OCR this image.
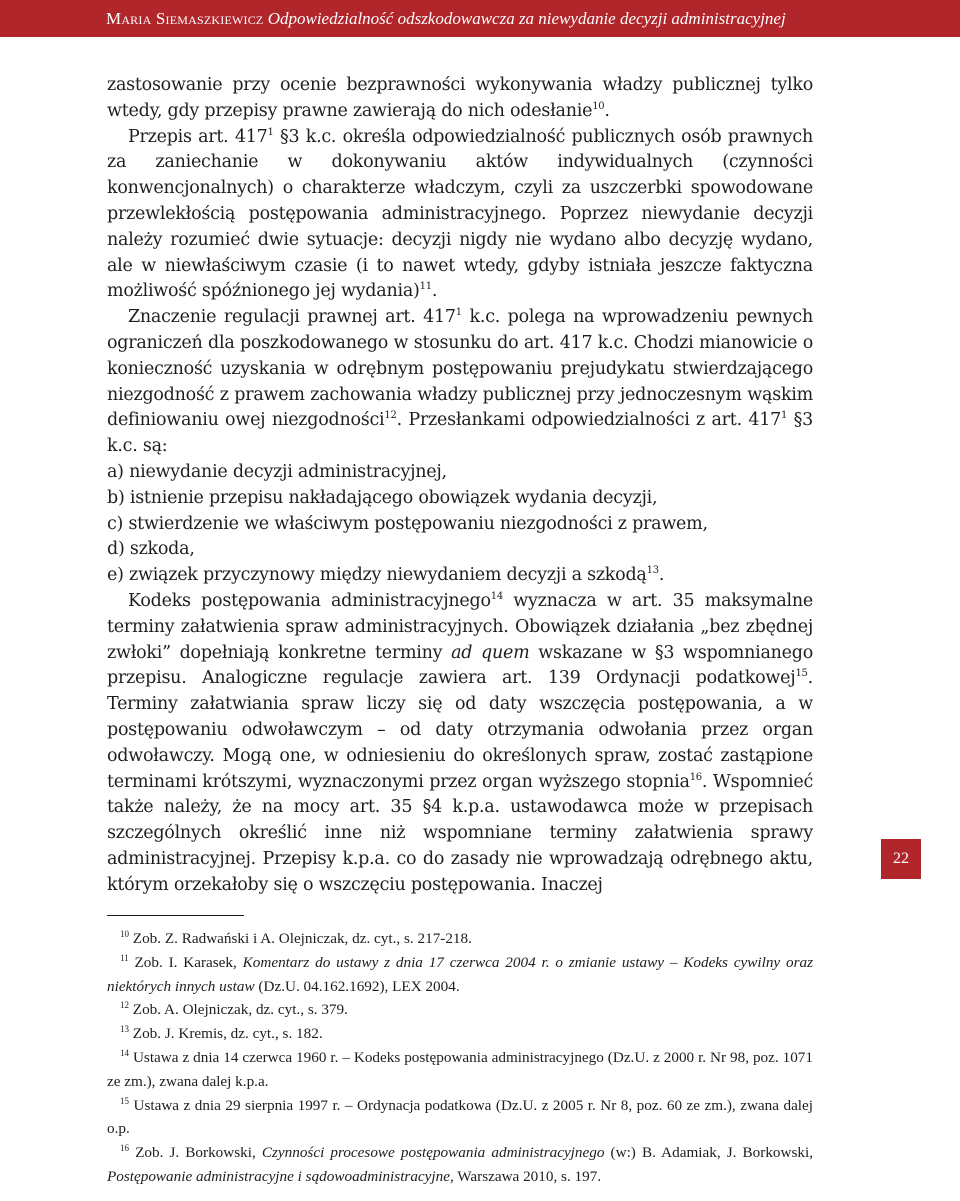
Maria Siemaszkiewicz Odpowiedzialność odszkodowawcza za niewydanie decyzji administracyjnej

zastosowanie przy ocenie bezprawności wykonywania władzy publicznej tylko wtedy, gdy przepisy prawne zawierają do nich odesłanie$^{10}$.

Przepis art. $417^1$ §3 k.c. określa odpowiedzialność publicznych osób prawnych za zaniechanie w dokonywaniu aktów indywidualnych (czynności konwencjonalnych) o charakterze władczym, czyli za uszczerbki spowodowane przewlekłością postępowania administracyjnego. Poprzez niewydanie decyzji należy rozumieć dwie sytuacje: decyzji nigdy nie wydano albo decyzję wydano, ale w niewłaściwym czasie (i to nawet wtedy, gdyby istniała jeszcze faktyczna możliwość spóźnionego jej wydania)$^{11}$.

Znaczenie regulacji prawnej art. $417^1$ k.c. polega na wprowadzeniu pewnych ograniczeń dla poszkodowanego w stosunku do art. 417 k.c. Chodzi mianowicie o konieczność uzyskania w odrębnym postępowaniu prejudykatu stwierdzającego niezgodność z prawem zachowania władzy publicznej przy jednoczesnym wąskim definiowaniu owej niezgodności$^{12}$. Przesłankami odpowiedzialności z art. $417^1$ §3 k.c. są:

a) niewydanie decyzji administracyjnej,

b) istnienie przepisu nakładającego obowiązek wydania decyzji,

c) stwierdzenie we właściwym postępowaniu niezgodności z prawem,

d) szkoda,

e) związek przyczynowy między niewydaniem decyzji a szkodą$^{13}$.

Kodeks postępowania administracyjnego$^{14}$ wyznacza w art. 35 maksymalne terminy załatwienia spraw administracyjnych. Obowiązek działania „bez zbędnej zwłoki” dopełniają konkretne terminy ad quem wskazane w §3 wspomnianego przepisu. Analogiczne regulacje zawiera art. 139 Ordynacji podatkowej$^{15}$. Terminy załatwiania spraw liczy się od daty wszczęcia postępowania, a w postępowaniu odwoławczym – od daty otrzymania odwołania przez organ odwoławczy. Mogą one, w odniesieniu do określonych spraw, zostać zastąpione terminami krótszymi, wyznaczonymi przez organ wyższego stopnia$^{16}$. Wspomnieć także należy, że na mocy art. 35 §4 k.p.a. ustawodawca może w przepisach szczególnych określić inne niż wspomniane terminy załatwienia sprawy administracyjnej. Przepisy k.p.a. co do zasady nie wprowadzają odrębnego aktu, którym orzekałoby się o wszczęciu postępowania. Inaczej

22

$^{10}$ Zob. Z. Radwański i A. Olejniczak, dz. cyt., s. 217-218.

$^{11}$ Zob. I. Karasek, Komentarz do ustawy z dnia 17 czerwca 2004 r. o zmianie ustawy – Kodeks cywilny oraz niektórych innych ustaw (Dz.U. 04.162.1692), LEX 2004.

$^{12}$ Zob. A. Olejniczak, dz. cyt., s. 379.

$^{13}$ Zob. J. Kremis, dz. cyt., s. 182.

$^{14}$ Ustawa z dnia 14 czerwca 1960 r. – Kodeks postępowania administracyjnego (Dz.U. z 2000 r. Nr 98, poz. 1071 ze zm.), zwana dalej k.p.a.

$^{15}$ Ustawa z dnia 29 sierpnia 1997 r. – Ordynacja podatkowa (Dz.U. z 2005 r. Nr 8, poz. 60 ze zm.), zwana dalej o.p.

$^{16}$ Zob. J. Borkowski, Czynności procesowe postępowania administracyjnego (w:) B. Adamiak, J. Borkowski, Postępowanie administracyjne i sądowoadministracyjne, Warszawa 2010, s. 197.
